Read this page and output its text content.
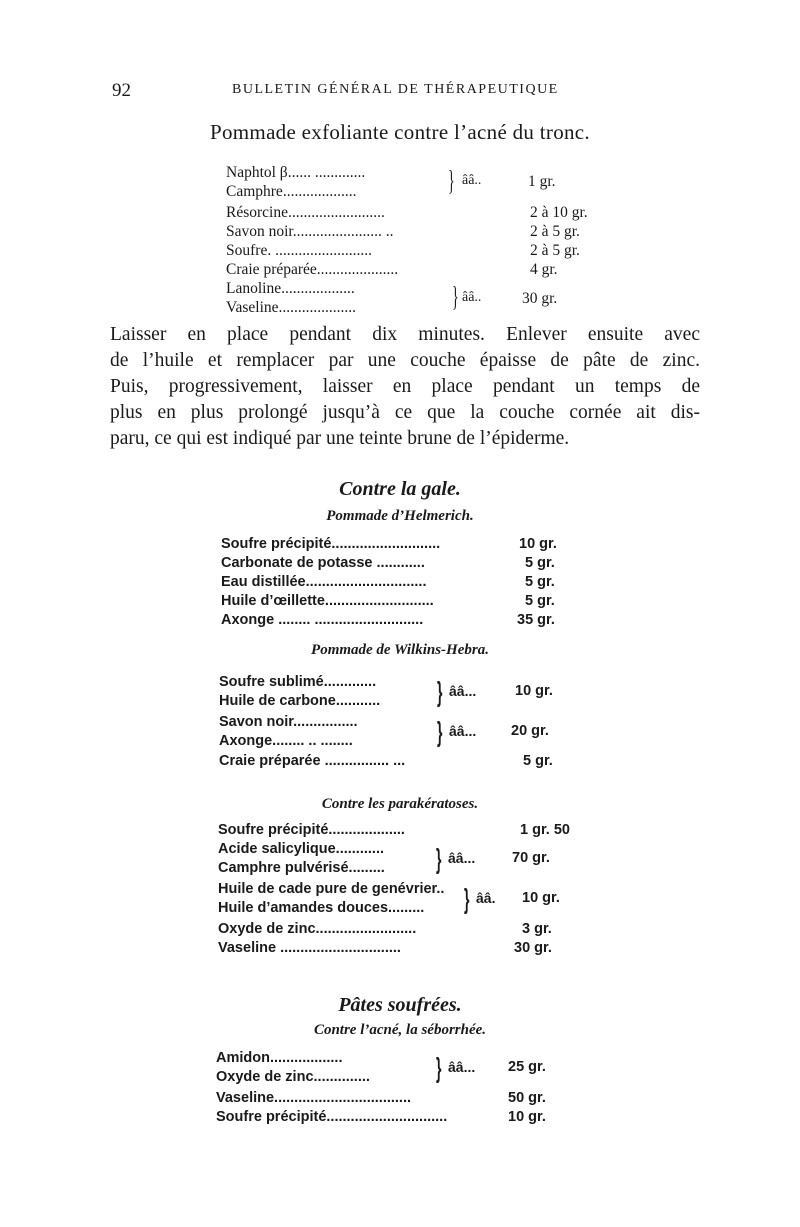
92	BULLETIN GÉNÉRAL DE THÉRAPEUTIQUE
Pommade exfoliante contre l’acné du tronc.
Naphtol β...... .............
Camphre...................	} ââ..	1 gr.
Résorcine.........................	2 à 10 gr.
Savon noir....................... ..	2 à 5 gr.
Soufre. .........................	2 à 5 gr.
Craie préparée.....................	4 gr.
Lanoline...................
Vaseline....................	} ââ..	30 gr.
Laisser en place pendant dix minutes. Enlever ensuite avec
de l’huile et remplacer par une couche épaisse de pâte de zinc.
Puis, progressivement, laisser en place pendant un temps de
plus en plus prolongé jusqu’à ce que la couche cornée ait dis-
paru, ce qui est indiqué par une teinte brune de l’épiderme.
Contre la gale.
Pommade d’Helmerich.
Soufre précipité...........................	10 gr.
Carbonate de potasse ............	5 gr.
Eau distillée..............................	5 gr.
Huile d’œillette...........................	5 gr.
Axonge ........ ...........................	35 gr.
Pommade de Wilkins-Hebra.
Soufre sublimé.............
Huile de carbone........... } ââ...	10 gr.
Savon noir................
Axonge........ .. ........	} ââ... 20 gr.
Craie préparée ................ ...	5 gr.
Contre les parakératoses.
Soufre précipité...................	1 gr. 50
Acide salicylique............
Camphre pulvérisé......... } ââ...	70 gr.
Huile de cade pure de genévrier..
Huile d’amandes douces......... } ââ. 10 gr.
Oxyde de zinc.........................	3 gr.
Vaseline ..............................	30 gr.
Pâtes soufrées.
Contre l’acné, la séborrhée.
Amidon..................
Oxyde de zinc.............. } ââ... 25 gr.
Vaseline..................................	50 gr.
Soufre précipité..............................	10 gr.
